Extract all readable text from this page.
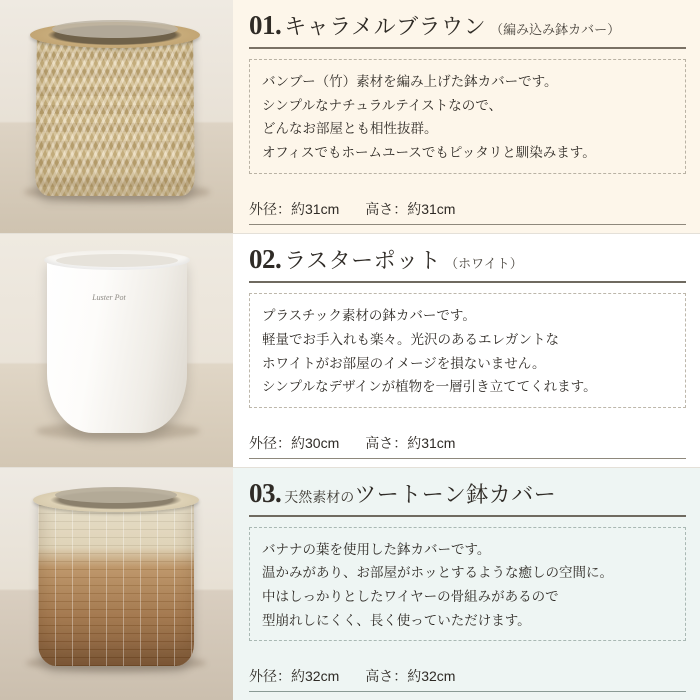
01. キャラメルブラウン （編み込み鉢カバー）

バンブー（竹）素材を編み上げた鉢カバーです。

シンプルなナチュラルテイストなので、

どんなお部屋とも相性抜群。

オフィスでもホームユースでもピッタリと馴染みます。

外径：約31cm 高さ：約31cm
Luster Pot
02. ラスターポット （ホワイト）

プラスチック素材の鉢カバーです。

軽量でお手入れも楽々。光沢のあるエレガントな

ホワイトがお部屋のイメージを損ないません。

シンプルなデザインが植物を一層引き立ててくれます。

外径：約30cm 高さ：約31cm
03. 天然素材の ツートーン鉢カバー

バナナの葉を使用した鉢カバーです。

温かみがあり、お部屋がホッとするような癒しの空間に。

中はしっかりとしたワイヤーの骨組みがあるので

型崩れしにくく、長く使っていただけます。

外径：約32cm 高さ：約32cm
